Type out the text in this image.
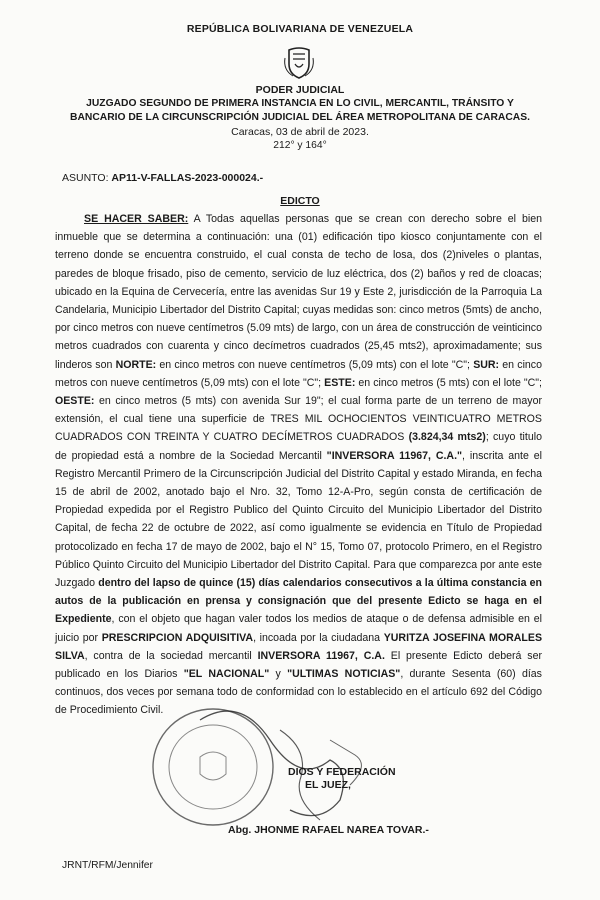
REPÚBLICA BOLIVARIANA DE VENEZUELA
PODER JUDICIAL
JUZGADO SEGUNDO DE PRIMERA INSTANCIA EN LO CIVIL, MERCANTIL, TRÁNSITO Y
BANCARIO DE LA CIRCUNSCRIPCIÓN JUDICIAL DEL ÁREA METROPOLITANA DE CARACAS.
Caracas, 03 de abril de 2023.
212° y 164°
ASUNTO: AP11-V-FALLAS-2023-000024.-
EDICTO

SE HACER SABER: A Todas aquellas personas que se crean con derecho sobre el bien inmueble que se determina a continuación: una (01) edificación tipo kiosco conjuntamente con el terreno donde se encuentra construido, el cual consta de techo de losa, dos (2)niveles o plantas, paredes de bloque frisado, piso de cemento, servicio de luz eléctrica, dos (2) baños y red de cloacas; ubicado en la Equina de Cervecería, entre las avenidas Sur 19 y Este 2, jurisdicción de la Parroquia La Candelaria, Municipio Libertador del Distrito Capital; cuyas medidas son: cinco metros (5mts) de ancho, por cinco metros con nueve centímetros (5.09 mts) de largo, con un área de construcción de veinticinco metros cuadrados con cuarenta y cinco decímetros cuadrados (25,45 mts2), aproximadamente; sus linderos son NORTE: en cinco metros con nueve centímetros (5,09 mts) con el lote "C"; SUR: en cinco metros con nueve centímetros (5,09 mts) con el lote "C"; ESTE: en cinco metros (5 mts) con el lote "C"; OESTE: en cinco metros (5 mts) con avenida Sur 19"; el cual forma parte de un terreno de mayor extensión, el cual tiene una superficie de TRES MIL OCHOCIENTOS VEINTICUATRO METROS CUADRADOS CON TREINTA Y CUATRO DECÍMETROS CUADRADOS (3.824,34 mts2); cuyo titulo de propiedad está a nombre de la Sociedad Mercantil "INVERSORA 11967, C.A.", inscrita ante el Registro Mercantil Primero de la Circunscripción Judicial del Distrito Capital y estado Miranda, en fecha 15 de abril de 2002, anotado bajo el Nro. 32, Tomo 12-A-Pro, según consta de certificación de Propiedad expedida por el Registro Publico del Quinto Circuito del Municipio Libertador del Distrito Capital, de fecha 22 de octubre de 2022, así como igualmente se evidencia en Título de Propiedad protocolizado en fecha 17 de mayo de 2002, bajo el N° 15, Tomo 07, protocolo Primero, en el Registro Público Quinto Circuito del Municipio Libertador del Distrito Capital. Para que comparezca por ante este Juzgado dentro del lapso de quince (15) días calendarios consecutivos a la última constancia en autos de la publicación en prensa y consignación que del presente Edicto se haga en el Expediente, con el objeto que hagan valer todos los medios de ataque o de defensa admisible en el juicio por PRESCRIPCION ADQUISITIVA, incoada por la ciudadana YURITZA JOSEFINA MORALES SILVA, contra de la sociedad mercantil INVERSORA 11967, C.A. El presente Edicto deberá ser publicado en los Diarios "EL NACIONAL" y "ULTIMAS NOTICIAS", durante Sesenta (60) días continuos, dos veces por semana todo de conformidad con lo establecido en el artículo 692 del Código de Procedimiento Civil.

DIOS Y FEDERACIÓN
EL JUEZ,
Abg. JHONME RAFAEL NAREA TOVAR.-
JRNT/RFM/Jennifer
